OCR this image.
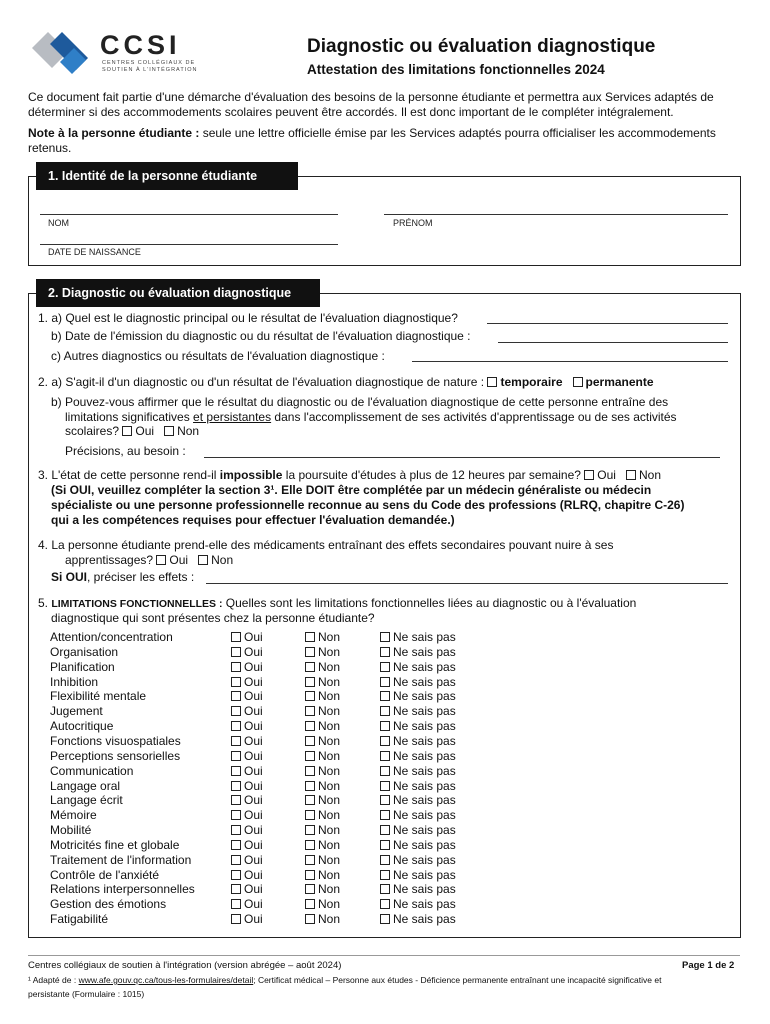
CCSI
CENTRES COLLÉGIAUX DE SOUTIEN À L'INTÉGRATION
Diagnostic ou évaluation diagnostique
Attestation des limitations fonctionnelles 2024
Ce document fait partie d'une démarche d'évaluation des besoins de la personne étudiante et permettra aux Services adaptés de déterminer si des accommodements scolaires peuvent être accordés. Il est donc important de le compléter intégralement.
Note à la personne étudiante : seule une lettre officielle émise par les Services adaptés pourra officialiser les accommodements retenus.
1. Identité de la personne étudiante
NOM	PRÉNOM
DATE DE NAISSANCE
2. Diagnostic ou évaluation diagnostique
1. a) Quel est le diagnostic principal ou le résultat de l'évaluation diagnostique?
b) Date de l'émission du diagnostic ou du résultat de l'évaluation diagnostique :
c) Autres diagnostics ou résultats de l'évaluation diagnostique :
2. a) S'agit-il d'un diagnostic ou d'un résultat de l'évaluation diagnostique de nature : temporaire permanente
b) Pouvez-vous affirmer que le résultat du diagnostic ou de l'évaluation diagnostique de cette personne entraîne des
limitations significatives et persistantes dans l'accomplissement de ses activités d'apprentissage ou de ses activités
scolaires? Oui Non
Précisions, au besoin :
3. L'état de cette personne rend-il impossible la poursuite d'études à plus de 12 heures par semaine? Oui Non
(Si OUI, veuillez compléter la section 3¹. Elle DOIT être complétée par un médecin généraliste ou médecin
spécialiste ou une personne professionnelle reconnue au sens du Code des professions (RLRQ, chapitre C-26)
qui a les compétences requises pour effectuer l'évaluation demandée.)
4. La personne étudiante prend-elle des médicaments entraînant des effets secondaires pouvant nuire à ses
apprentissages? Oui Non
Si OUI, préciser les effets :
5. LIMITATIONS FONCTIONNELLES : Quelles sont les limitations fonctionnelles liées au diagnostic ou à l'évaluation
diagnostique qui sont présentes chez la personne étudiante?
Attention/concentration	Oui	Non	Ne sais pas
Organisation	Oui	Non	Ne sais pas
Planification	Oui	Non	Ne sais pas
Inhibition	Oui	Non	Ne sais pas
Flexibilité mentale	Oui	Non	Ne sais pas
Jugement	Oui	Non	Ne sais pas
Autocritique	Oui	Non	Ne sais pas
Fonctions visuospatiales	Oui	Non	Ne sais pas
Perceptions sensorielles	Oui	Non	Ne sais pas
Communication	Oui	Non	Ne sais pas
Langage oral	Oui	Non	Ne sais pas
Langage écrit	Oui	Non	Ne sais pas
Mémoire	Oui	Non	Ne sais pas
Mobilité	Oui	Non	Ne sais pas
Motricités fine et globale	Oui	Non	Ne sais pas
Traitement de l'information	Oui	Non	Ne sais pas
Contrôle de l'anxiété	Oui	Non	Ne sais pas
Relations interpersonnelles	Oui	Non	Ne sais pas
Gestion des émotions	Oui	Non	Ne sais pas
Fatigabilité	Oui	Non	Ne sais pas
Centres collégiaux de soutien à l'intégration (version abrégée – août 2024)	Page 1 de 2
¹ Adapté de : www.afe.gouv.qc.ca/tous-les-formulaires/detail; Certificat médical – Personne aux études - Déficience permanente entraînant une incapacité significative et
persistante (Formulaire : 1015)
